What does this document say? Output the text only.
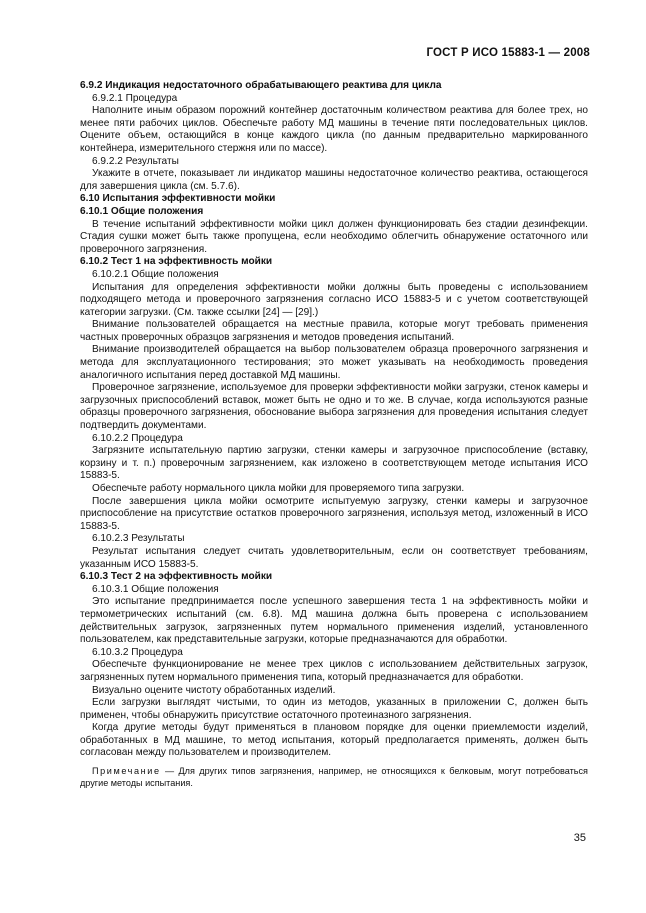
ГОСТ Р ИСО 15883-1 — 2008

6.9.2 Индикация недостаточного обрабатывающего реактива для цикла

6.9.2.1 Процедура

Наполните иным образом порожний контейнер достаточным количеством реактива для более трех, но менее пяти рабочих циклов. Обеспечьте работу МД машины в течение пяти последовательных циклов. Оцените объем, остающийся в конце каждого цикла (по данным предварительно маркированного контейнера, измерительного стержня или по массе).

6.9.2.2 Результаты

Укажите в отчете, показывает ли индикатор машины недостаточное количество реактива, остающегося для завершения цикла (см. 5.7.6).

6.10 Испытания эффективности мойки

6.10.1 Общие положения

В течение испытаний эффективности мойки цикл должен функционировать без стадии дезинфекции. Стадия сушки может быть также пропущена, если необходимо облегчить обнаружение остаточного или проверочного загрязнения.

6.10.2 Тест 1 на эффективность мойки

6.10.2.1 Общие положения

Испытания для определения эффективности мойки должны быть проведены с использованием подходящего метода и проверочного загрязнения согласно ИСО 15883-5 и с учетом соответствующей категории загрузки. (См. также ссылки [24] — [29].)

Внимание пользователей обращается на местные правила, которые могут требовать применения частных проверочных образцов загрязнения и методов проведения испытаний.

Внимание производителей обращается на выбор пользователем образца проверочного загрязнения и метода для эксплуатационного тестирования; это может указывать на необходимость проведения аналогичного испытания перед доставкой МД машины.

Проверочное загрязнение, используемое для проверки эффективности мойки загрузки, стенок камеры и загрузочных приспособлений вставок, может быть не одно и то же. В случае, когда используются разные образцы проверочного загрязнения, обоснование выбора загрязнения для проведения испытания следует подтвердить документами.

6.10.2.2 Процедура

Загрязните испытательную партию загрузки, стенки камеры и загрузочное приспособление (вставку, корзину и т. п.) проверочным загрязнением, как изложено в соответствующем методе испытания ИСО 15883-5.

Обеспечьте работу нормального цикла мойки для проверяемого типа загрузки.

После завершения цикла мойки осмотрите испытуемую загрузку, стенки камеры и загрузочное приспособление на присутствие остатков проверочного загрязнения, используя метод, изложенный в ИСО 15883-5.

6.10.2.3 Результаты

Результат испытания следует считать удовлетворительным, если он соответствует требованиям, указанным ИСО 15883-5.

6.10.3 Тест 2 на эффективность мойки

6.10.3.1 Общие положения

Это испытание предпринимается после успешного завершения теста 1 на эффективность мойки и термометрических испытаний (см. 6.8). МД машина должна быть проверена с использованием действительных загрузок, загрязненных путем нормального применения изделий, установленного пользователем, как представительные загрузки, которые предназначаются для обработки.

6.10.3.2 Процедура

Обеспечьте функционирование не менее трех циклов с использованием действительных загрузок, загрязненных путем нормального применения типа, который предназначается для обработки.

Визуально оцените чистоту обработанных изделий.

Если загрузки выглядят чистыми, то один из методов, указанных в приложении С, должен быть применен, чтобы обнаружить присутствие остаточного протеиназного загрязнения.

Когда другие методы будут применяться в плановом порядке для оценки приемлемости изделий, обработанных в МД машине, то метод испытания, который предполагается применять, должен быть согласован между пользователем и производителем.

Примечание — Для других типов загрязнения, например, не относящихся к белковым, могут потребоваться другие методы испытания.

35
